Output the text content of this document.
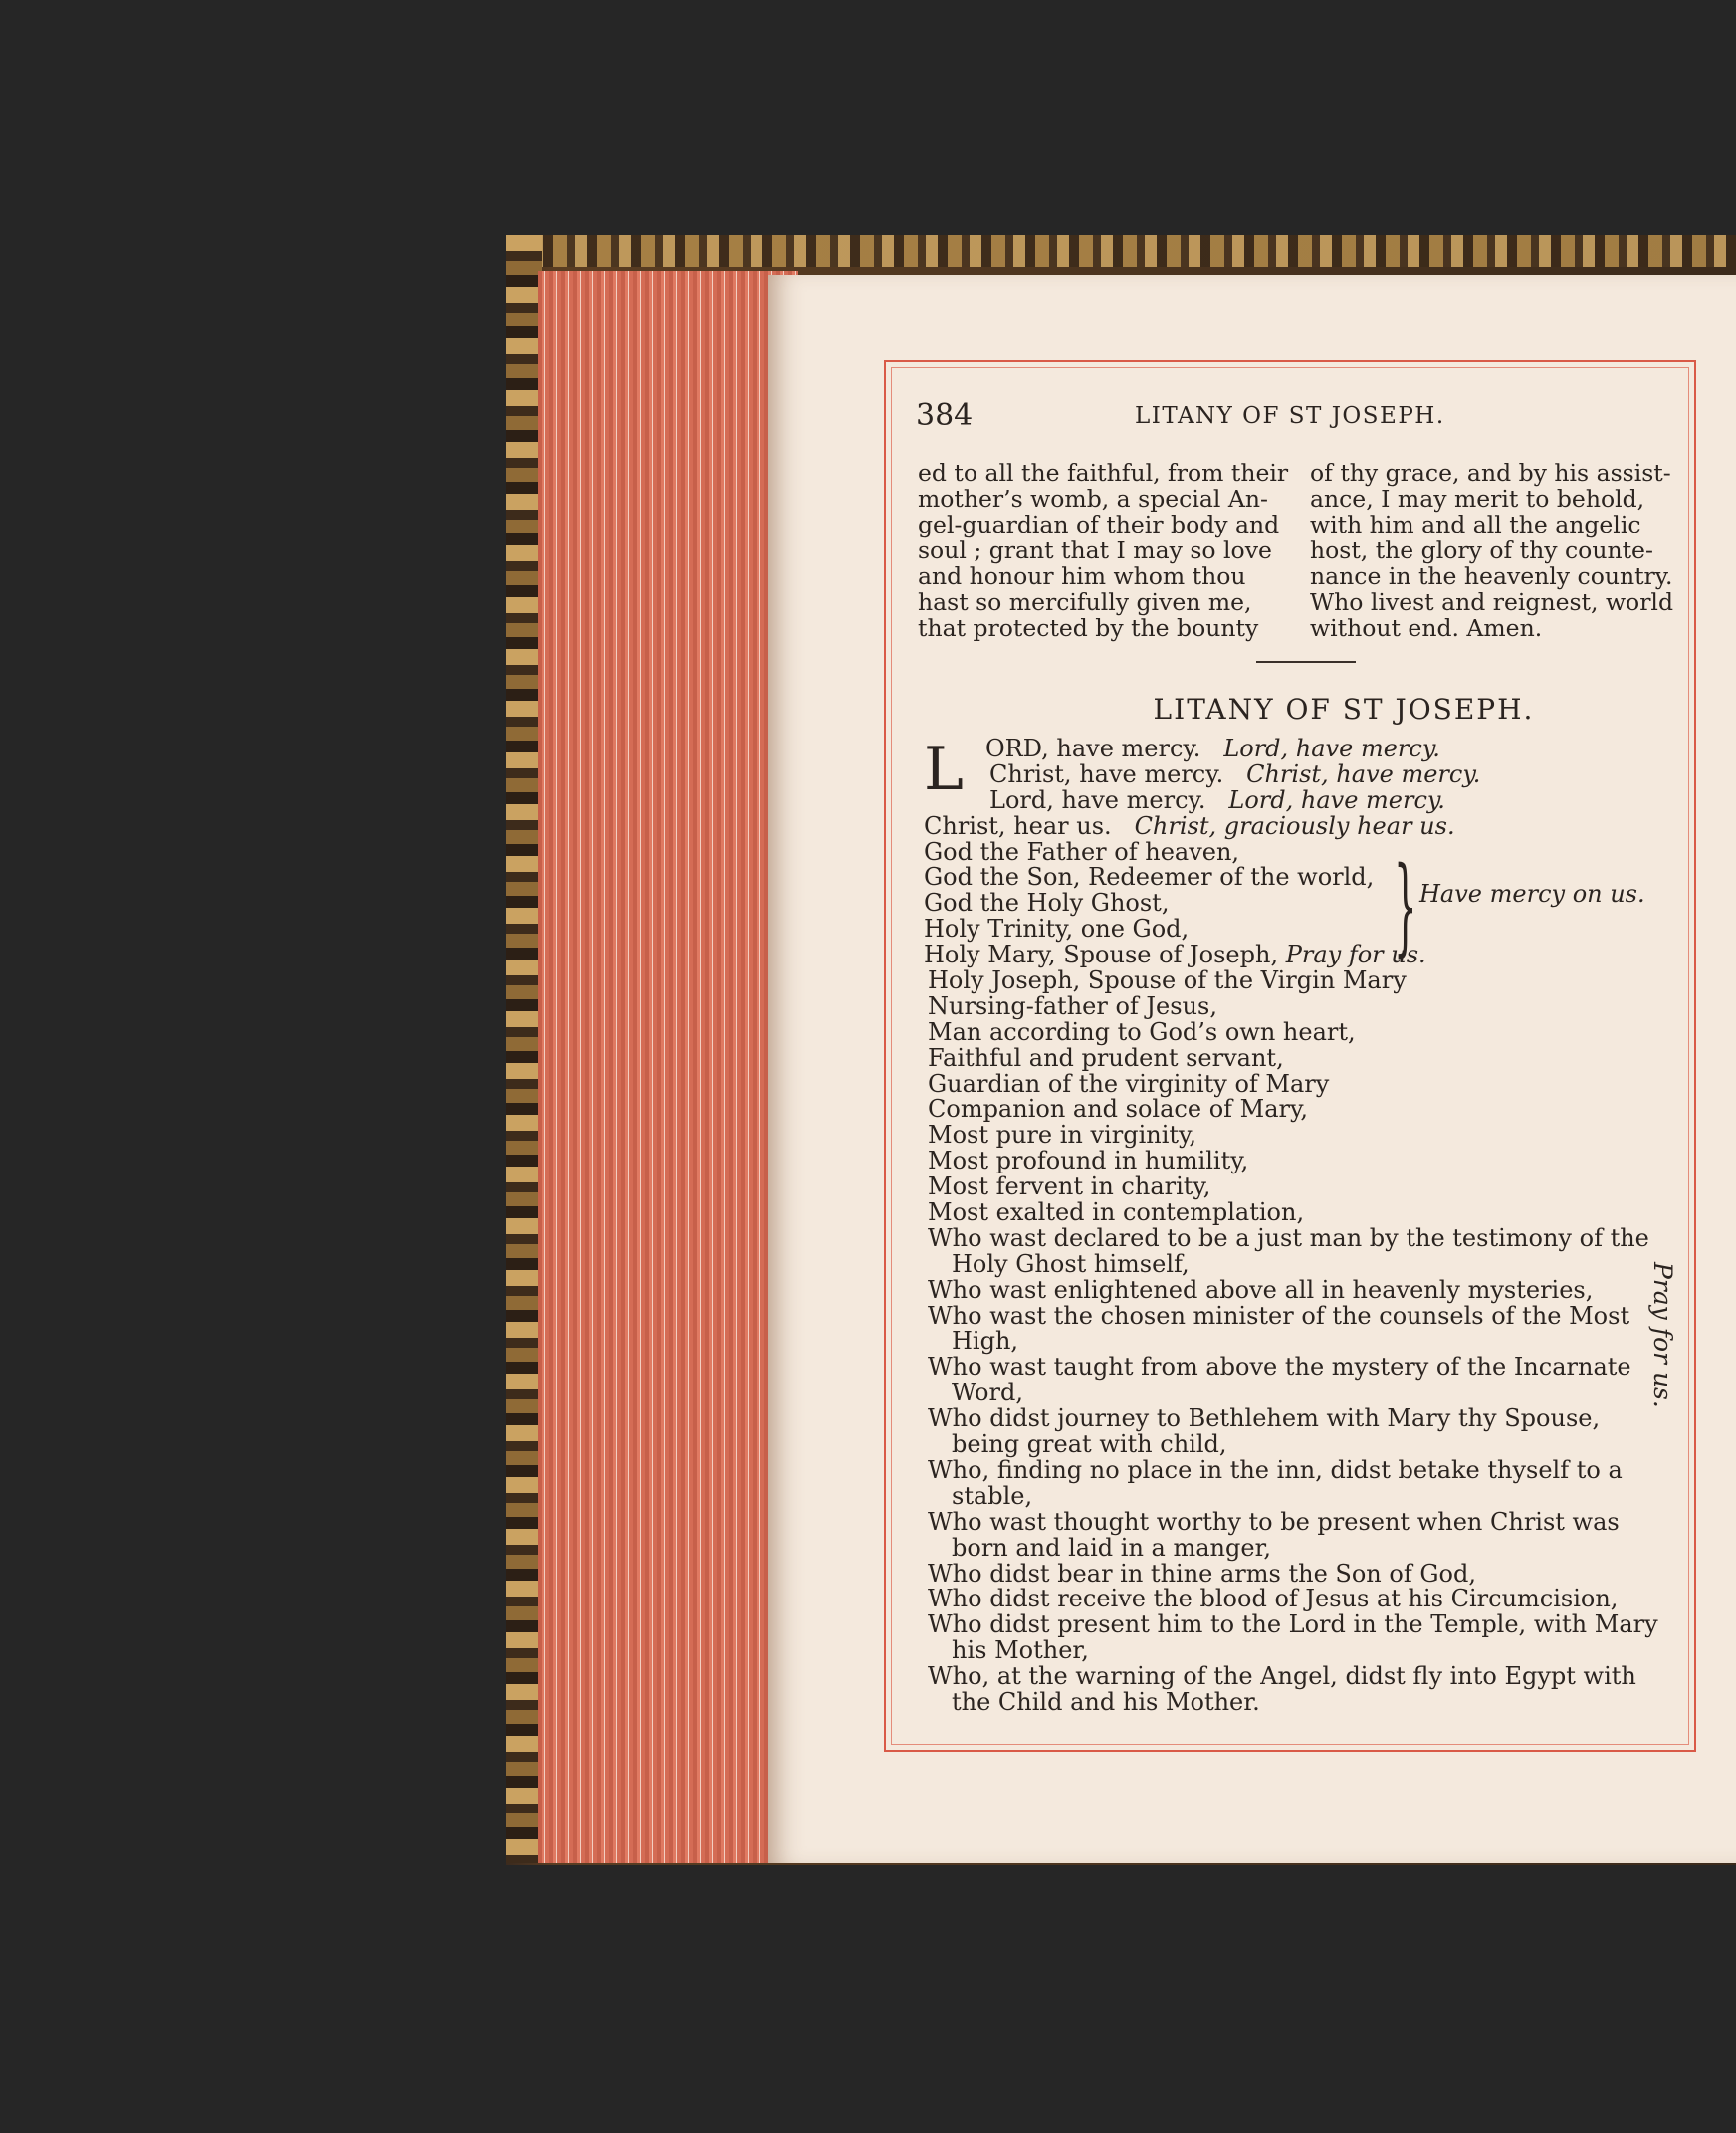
384	LITANY OF ST JOSEPH.
ed to all the faithful, from their
mother’s womb, a special An-
gel-guardian of their body and
soul ; grant that I may so love
and honour him whom thou
hast so mercifully given me,
that protected by the bounty
of thy grace, and by his assist-
ance, I may merit to behold,
with him and all the angelic
host, the glory of thy counte-
nance in the heavenly country.
Who livest and reignest, world
without end. Amen.
LITANY OF ST JOSEPH.
L ORD, have mercy. Lord, have mercy.
Christ, have mercy. Christ, have mercy.
Lord, have mercy. Lord, have mercy.
Christ, hear us. Christ, graciously hear us.
God the Father of heaven,
God the Son, Redeemer of the world,
God the Holy Ghost,
Holy Trinity, one God,
Holy Mary, Spouse of Joseph, Pray for us.
Holy Joseph, Spouse of the Virgin Mary
Nursing-father of Jesus,
Man according to God’s own heart,
Faithful and prudent servant,
Guardian of the virginity of Mary
Companion and solace of Mary,
Most pure in virginity,
Most profound in humility,
Most fervent in charity,
Most exalted in contemplation,
Who wast declared to be a just man by the testimony of the
Holy Ghost himself,
Who wast enlightened above all in heavenly mysteries,
Who wast the chosen minister of the counsels of the Most
High,
Who wast taught from above the mystery of the Incarnate
Word,
Who didst journey to Bethlehem with Mary thy Spouse,
being great with child,
Who, finding no place in the inn, didst betake thyself to a
stable,
Who wast thought worthy to be present when Christ was
born and laid in a manger,
Who didst bear in thine arms the Son of God,
Who didst receive the blood of Jesus at his Circumcision,
Who didst present him to the Lord in the Temple, with Mary
his Mother,
Who, at the warning of the Angel, didst fly into Egypt with
the Child and his Mother.
} Have mercy on us.
Pray for us.
